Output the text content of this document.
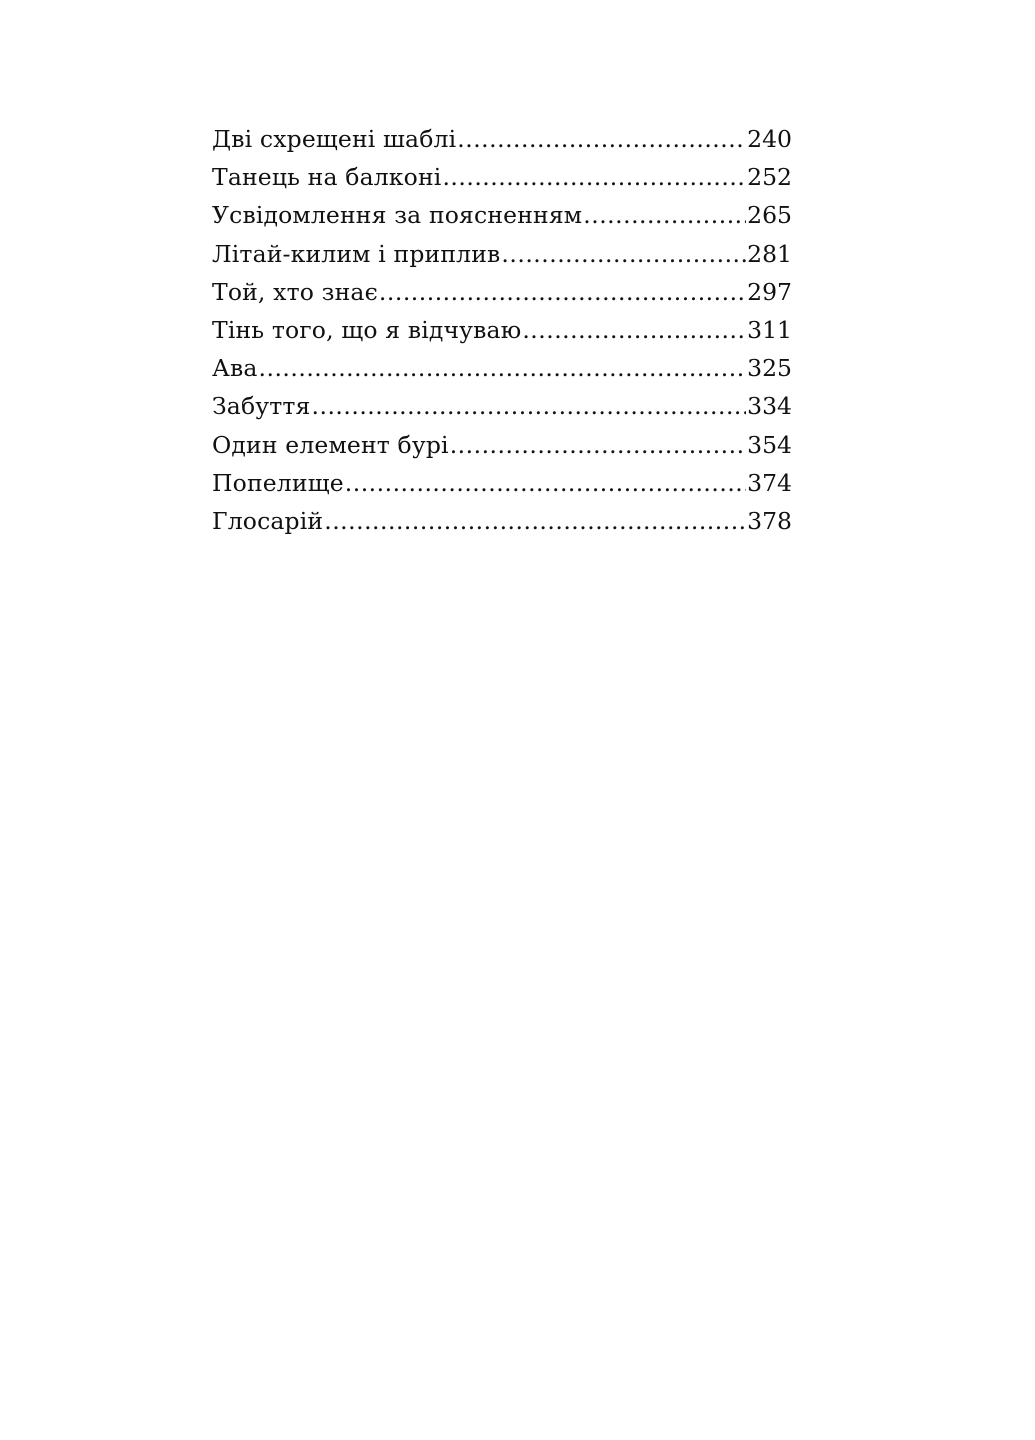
Дві схрещені шаблі .....	240
Танець на балконі .....	252
Усвідомлення за поясненням .....	265
Літай-килим і приплив .....	281
Той, хто знає .....	297
Тінь того, що я відчуваю .....	311
Ава .....	325
Забуття .....	334
Один елемент бурі .....	354
Попелище .....	374
Глосарій .....	378
